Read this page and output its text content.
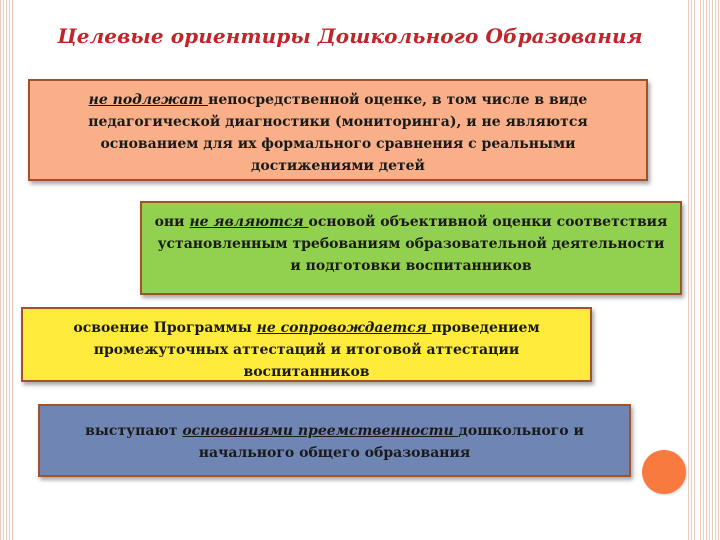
Целевые ориентиры Дошкольного Образования
не подлежат непосредственной оценке, в том числе в виде педагогической диагностики (мониторинга), и не являются основанием для их формального сравнения с реальными достижениями детей
они не являются основой объективной оценки соответствия установленным требованиям образовательной деятельности и подготовки воспитанников
освоение Программы не сопровождается проведением промежуточных аттестаций и итоговой аттестации воспитанников
выступают основаниями преемственности дошкольного и начального общего образования
